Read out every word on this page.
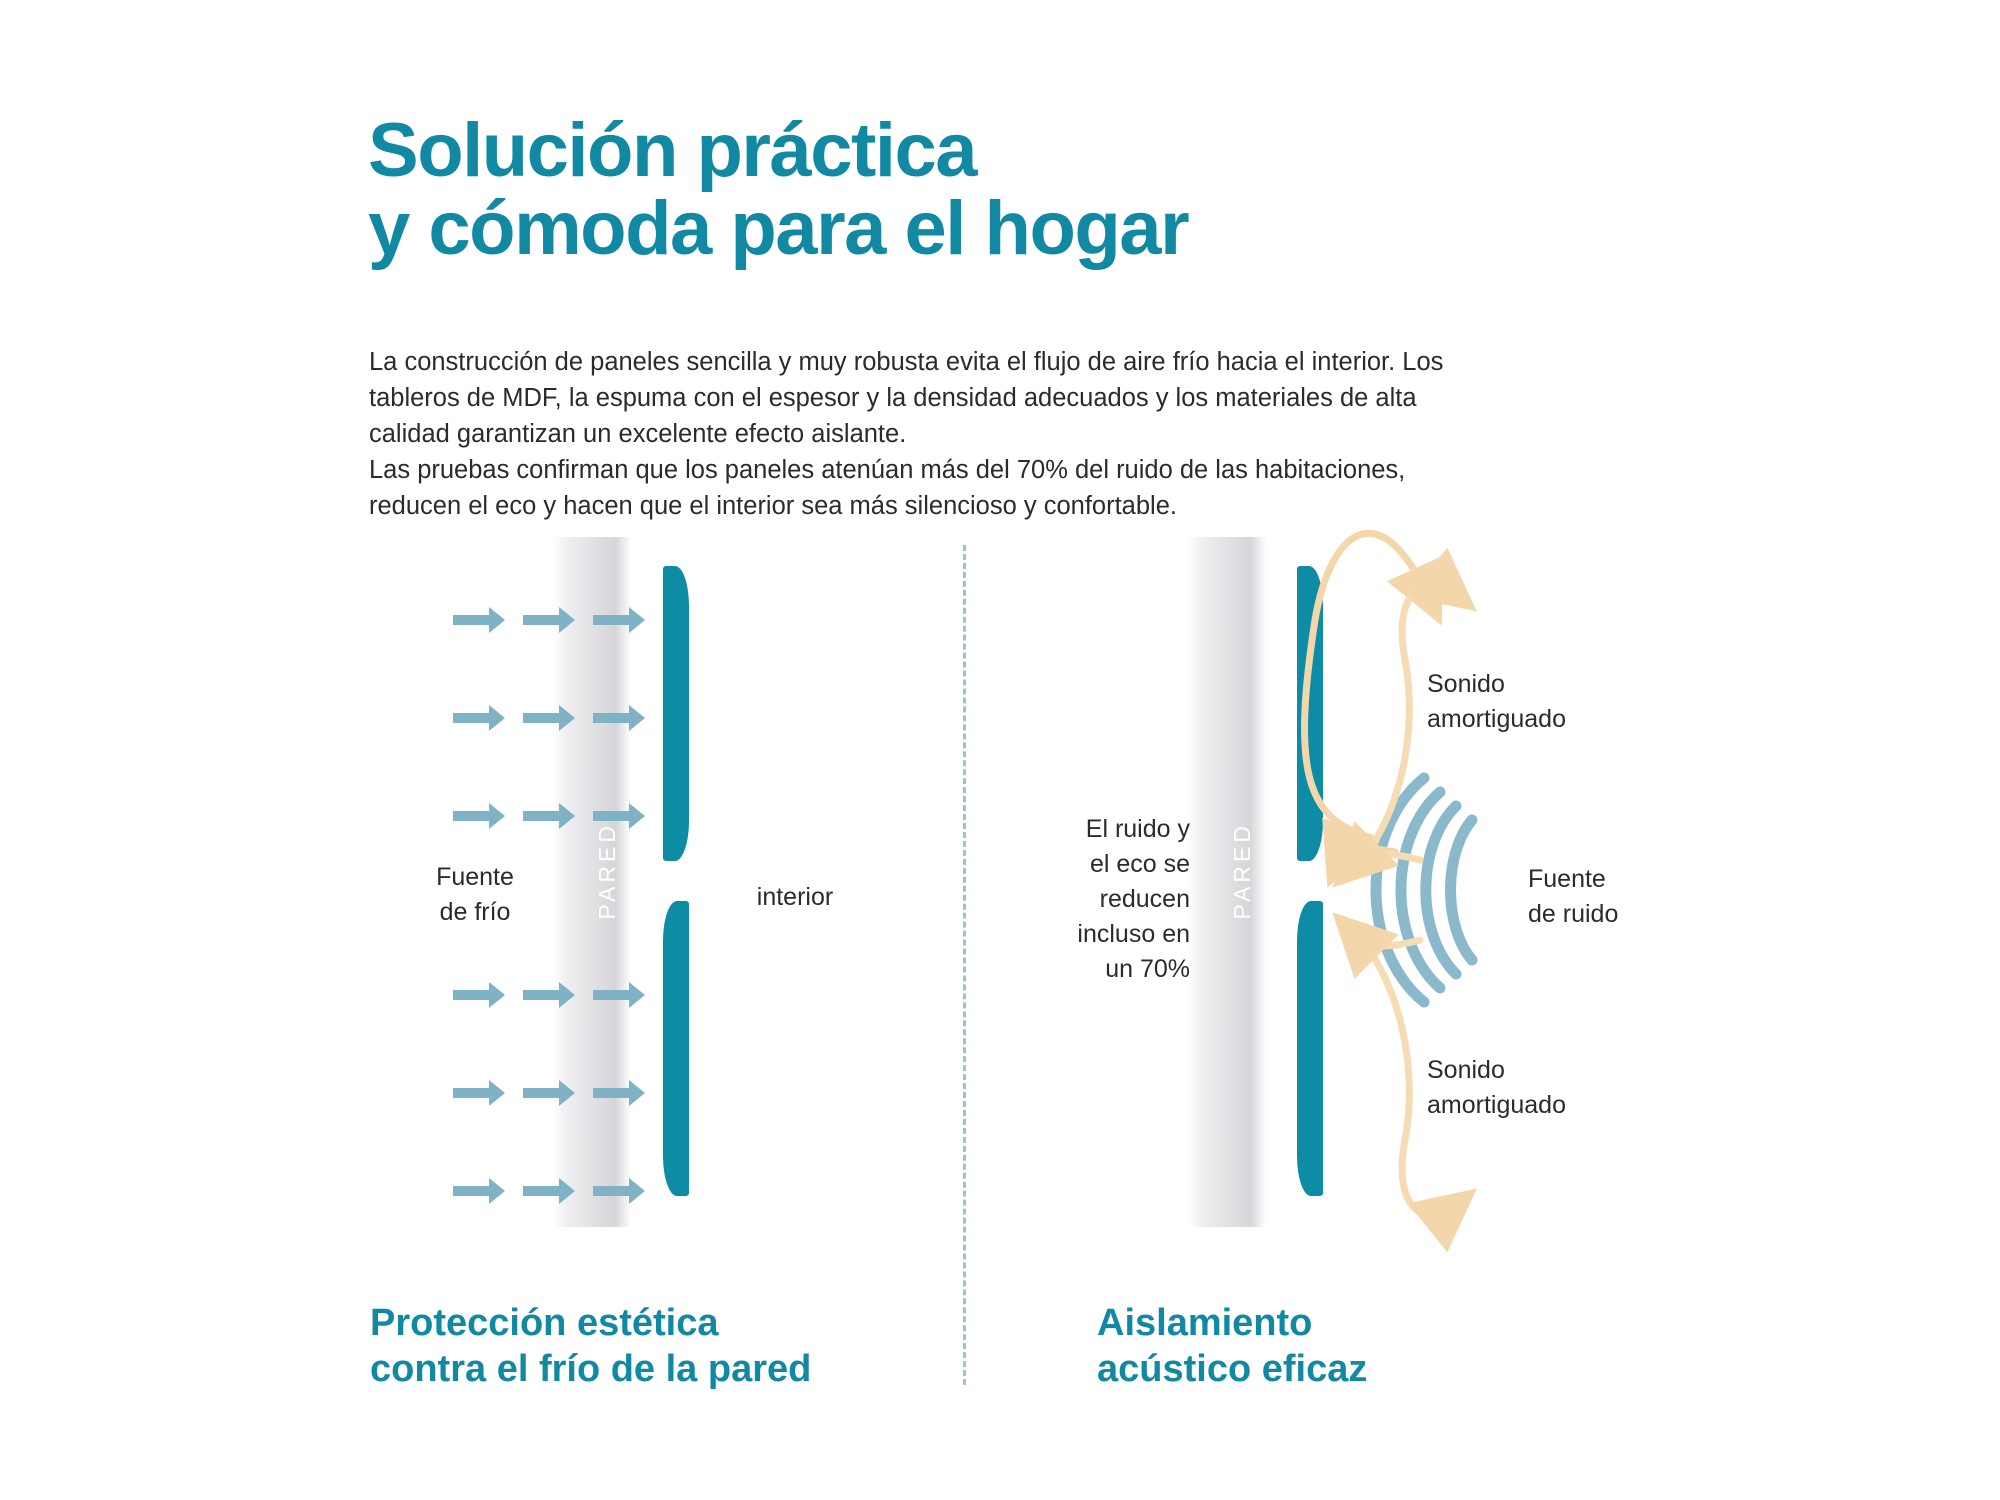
Solución práctica
y cómoda para el hogar
La construcción de paneles sencilla y muy robusta evita el flujo de aire frío hacia el interior. Los tableros de MDF, la espuma con el espesor y la densidad adecuados y los materiales de alta calidad garantizan un excelente efecto aislante.
Las pruebas confirman que los paneles atenúan más del 70% del ruido de las habitaciones, reducen el eco y hacen que el interior sea más silencioso y confortable.
PARED
Fuente
de frío
interior
Protección estética
contra el frío de la pared
PARED
El ruido y
el eco se
reducen
incluso en
un 70%
Sonido
amortiguado
Sonido
amortiguado
Fuente
de ruido
Aislamiento
acústico eficaz
